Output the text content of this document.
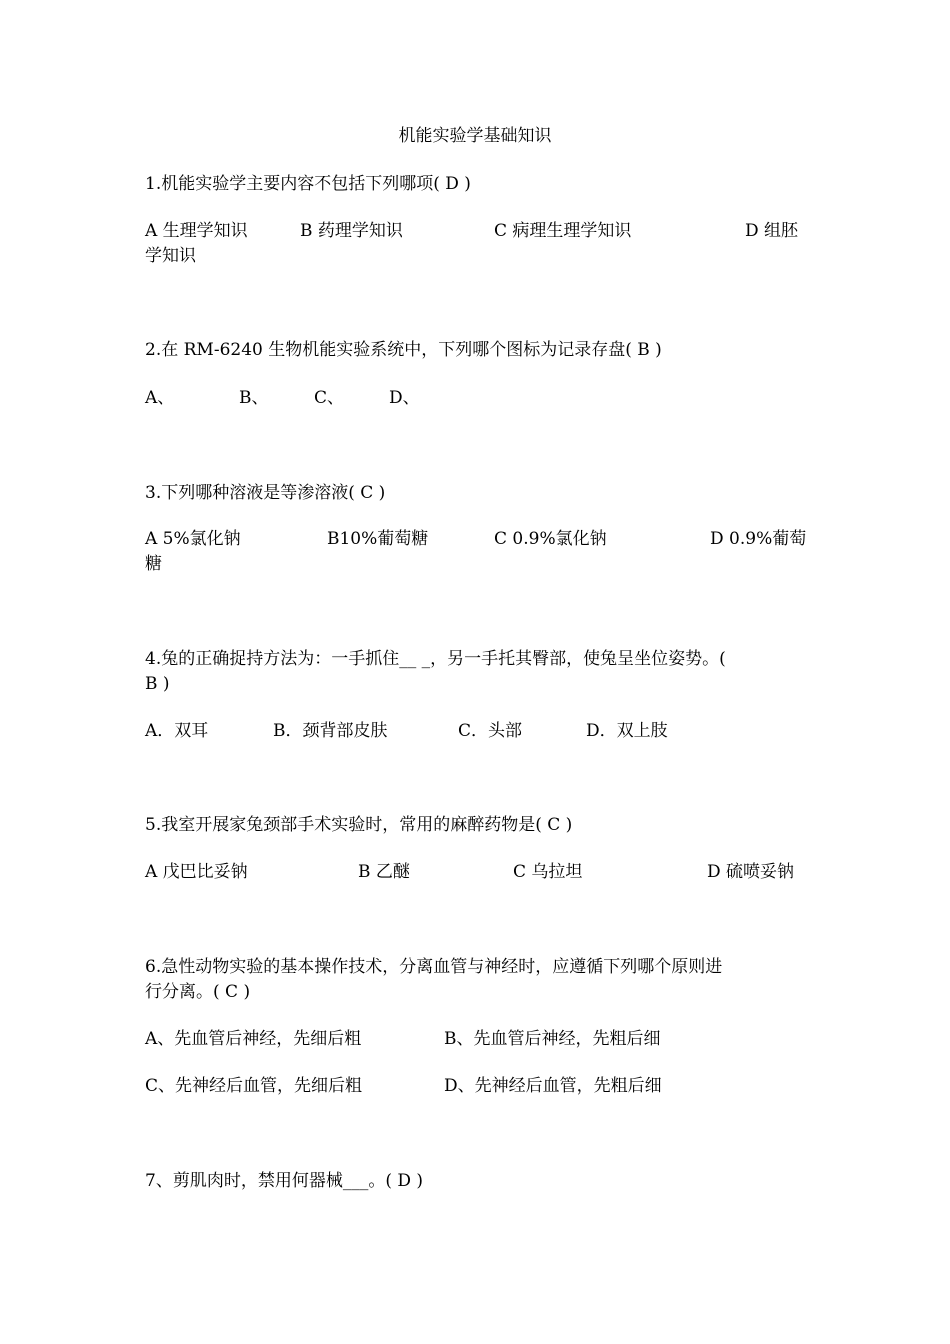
机能实验学基础知识
1.机能实验学主要内容不包括下列哪项( D )
A 生理学知识	B 药理学知识	C 病理生理学知识	D 组胚
学知识
2.在 RM-6240 生物机能实验系统中，下列哪个图标为记录存盘( B )
A、	B、	C、	D、
3.下列哪种溶液是等渗溶液( C )
A 5%氯化钠	B10%葡萄糖	C 0.9%氯化钠	D 0.9%葡萄
糖
4.兔的正确捉持方法为：一手抓住__ _，另一手托其臀部，使兔呈坐位姿势。(
B )
A．双耳	B．颈背部皮肤	C．头部	D．双上肢
5.我室开展家兔颈部手术实验时，常用的麻醉药物是( C )
A 戊巴比妥钠	B 乙醚	C 乌拉坦	D 硫喷妥钠
6.急性动物实验的基本操作技术，分离血管与神经时，应遵循下列哪个原则进
行分离。( C )
A、先血管后神经，先细后粗	B、先血管后神经，先粗后细
C、先神经后血管，先细后粗	D、先神经后血管，先粗后细
7、剪肌肉时，禁用何器械___。( D )
